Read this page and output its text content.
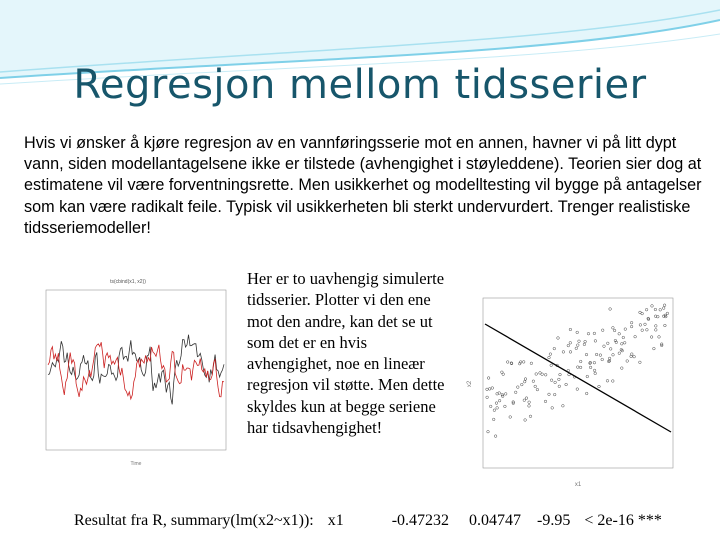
Regresjon mellom tidsserier
Hvis vi ønsker å kjøre regresjon av en vannføringsserie mot en annen, havner vi på litt dypt vann, siden modellantagelsene ikke er tilstede (avhengighet i støyleddene). Teorien sier dog at estimatene vil være forventningsrette. Men usikkerhet og modelltesting vil bygge på antagelser som kan være radikalt feile. Typisk vil usikkerheten bli sterkt undervurdert. Trenger realistiske tidsseriemodeller!
ts(cbind(x1, x2))
Time
Her er to uavhengig simulerte tidsserier. Plotter vi den ene mot den andre, kan det se ut som det er en hvis avhengighet, noe en lineær regresjon vil støtte. Men dette skyldes kun at begge seriene har tidsavhengighet!
x1
x2
Resultat fra R, summary(lm(x2~x1)): x1	-0.47232 0.04747 -9.95 < 2e-16 ***
